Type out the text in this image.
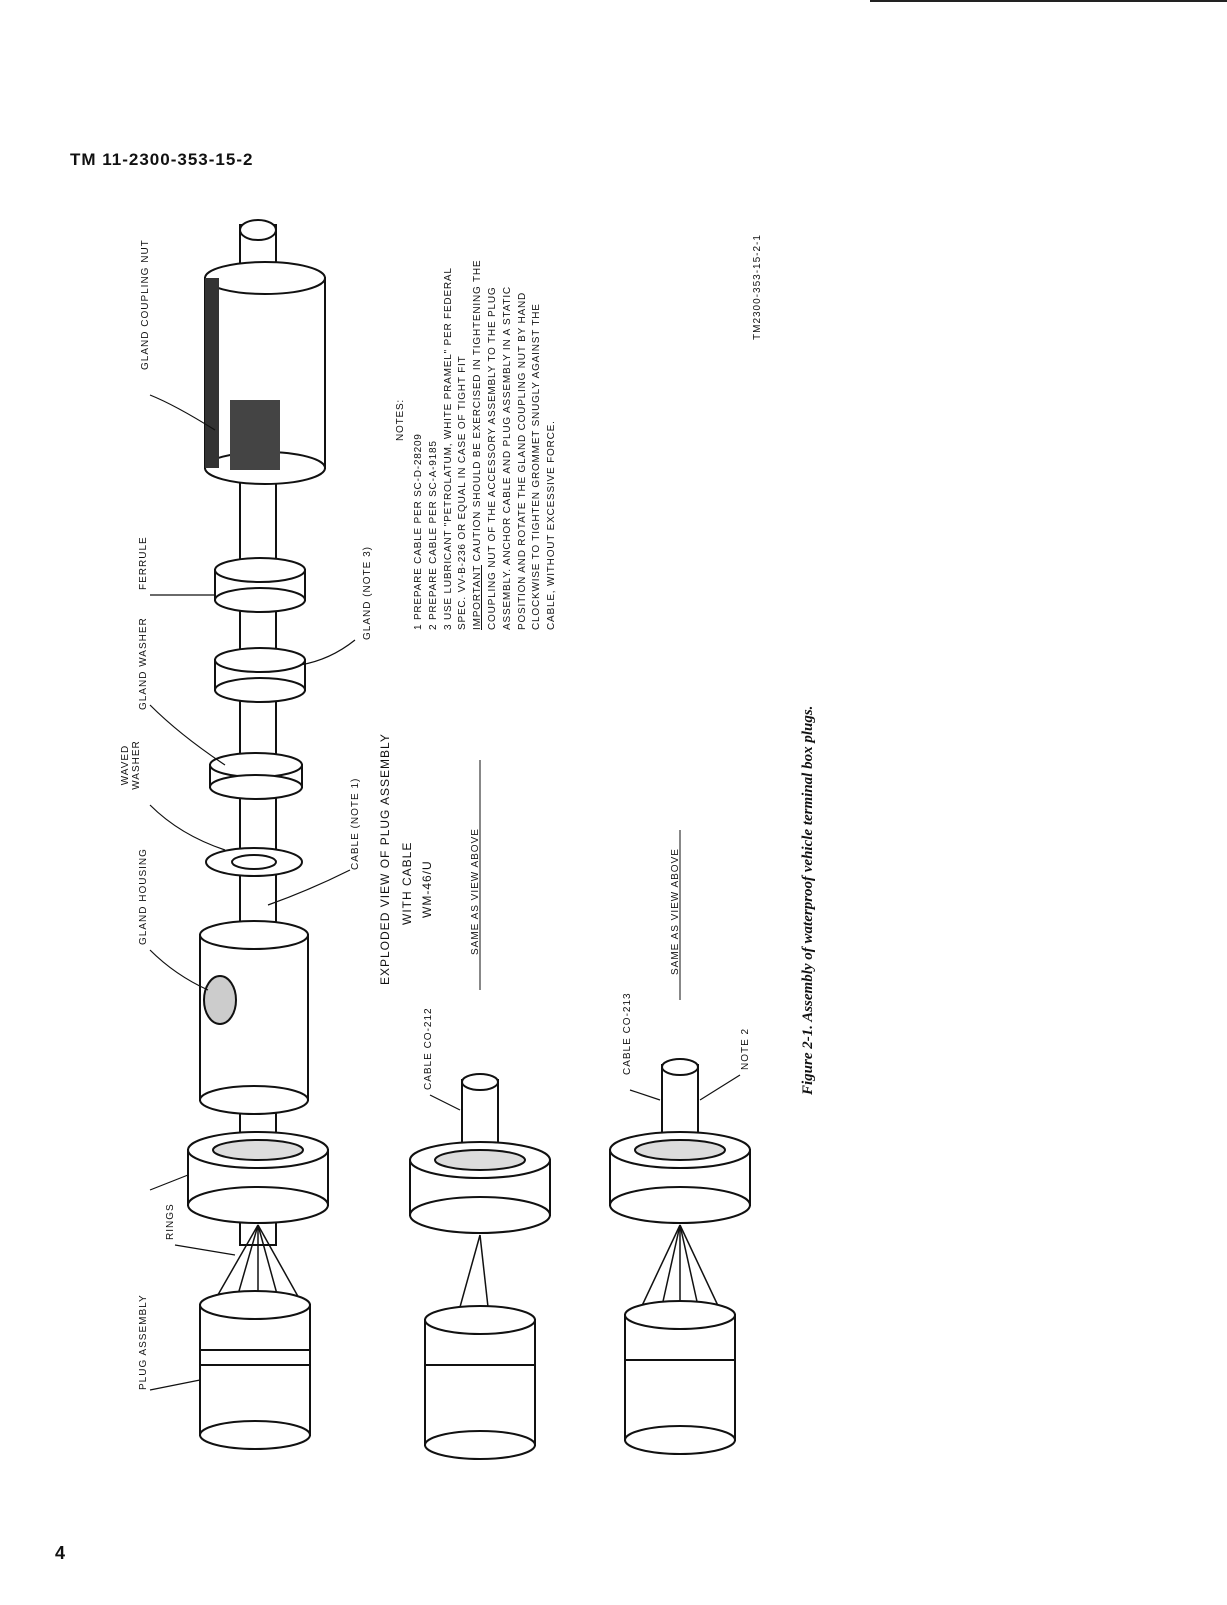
TM 11-2300-353-15-2
GLAND COUPLING NUT
FERRULE	GLAND (NOTE 3)
GLAND WASHER
WAVED WASHER
GLAND HOUSING
CABLE (NOTE 1)
RINGS
PLUG ASSEMBLY
EXPLODED VIEW OF PLUG ASSEMBLY WITH CABLE WM-46/U	SAME AS VIEW ABOVE
CABLE CO-212
SAME AS VIEW ABOVE
CABLE CO-213	NOTE 2
TM2300-353-15-2-1
NOTES:
1 PREPARE CABLE PER SC-D-28209 2 PREPARE CABLE PER SC-A-9185 3 USE LUBRICANT "PETROLATUM, WHITE PRAMEL" PER FEDERAL SPEC. VV-B-236 OR EQUAL IN CASE OF TIGHT FIT IMPORTANT CAUTION SHOULD BE EXERCISED IN TIGHTENING THE COUPLING NUT OF THE ACCESSORY ASSEMBLY TO THE PLUG ASSEMBLY. ANCHOR CABLE AND PLUG ASSEMBLY IN A STATIC POSITION AND ROTATE THE GLAND COUPLING NUT BY HAND CLOCKWISE TO TIGHTEN GROMMET SNUGLY AGAINST THE CABLE, WITHOUT EXCESSIVE FORCE.
Figure 2-1. Assembly of waterproof vehicle terminal box plugs.
4
